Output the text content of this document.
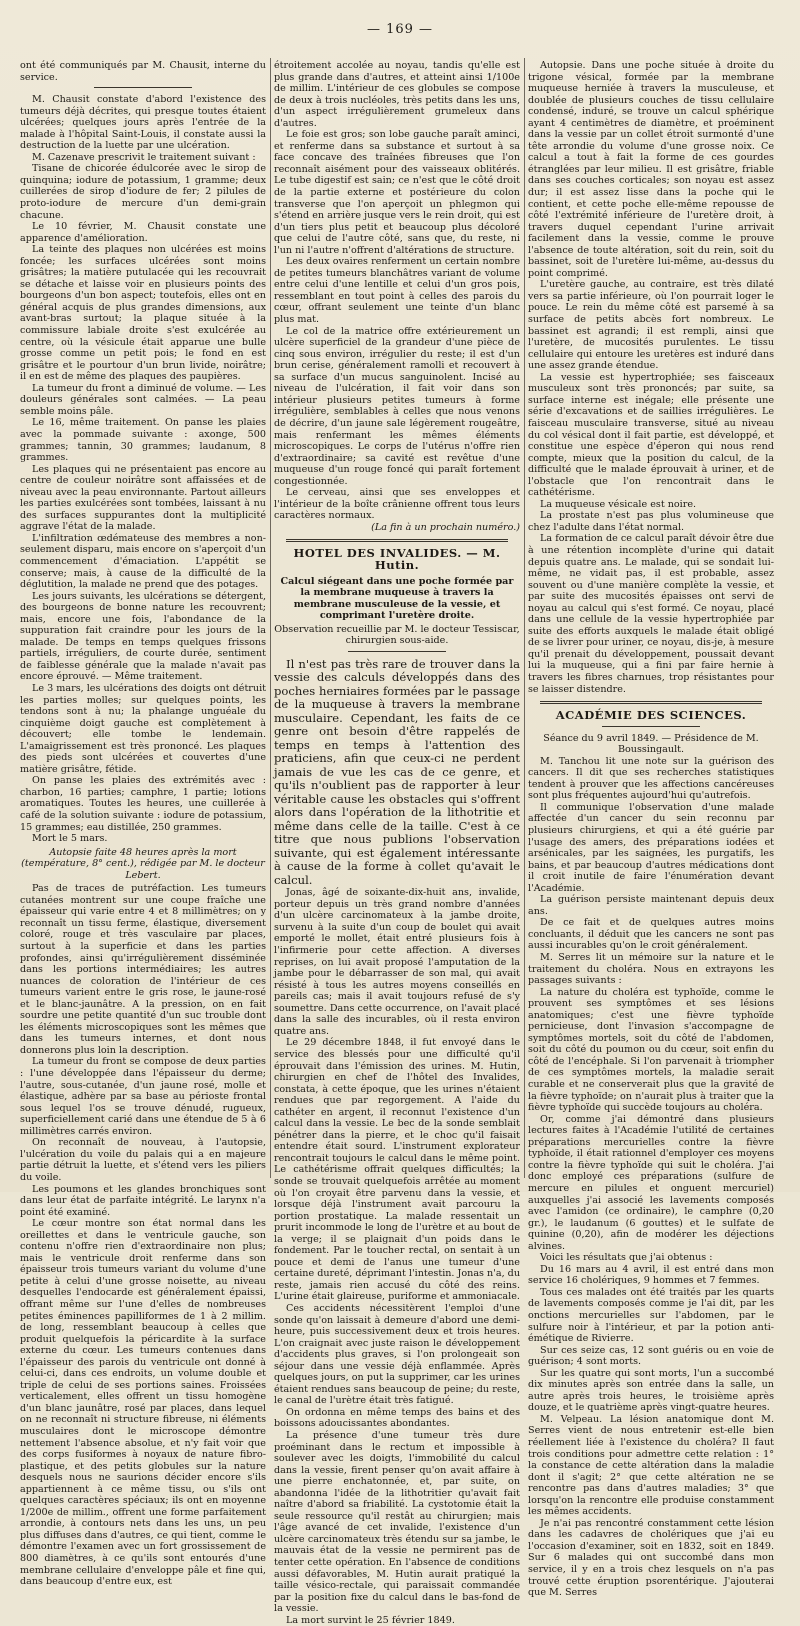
— 169 —

ont été communiqués par M. Chausit, interne du service.

M. Chausit constate d'abord l'existence des tumeurs déjà décrites, qui presque toutes étaient ulcérées; quelques jours après l'entrée de la malade à l'hôpital Saint-Louis, il constate aussi la destruction de la luette par une ulcération.

M. Cazenave prescrivit le traitement suivant :

Tisane de chicorée édulcorée avec le sirop de quinquina; iodure de potassium, 1 gramme; deux cuillerées de sirop d'iodure de fer; 2 pilules de proto-iodure de mercure d'un demi-grain chacune.

Le 10 février, M. Chausit constate une apparence d'amélioration.

La teinte des plaques non ulcérées est moins foncée; les surfaces ulcérées sont moins grisâtres; la matière putulacée qui les recouvrait se détache et laisse voir en plusieurs points des bourgeons d'un bon aspect; toutefois, elles ont en général acquis de plus grandes dimensions, aux avant-bras surtout; la plaque située à la commissure labiale droite s'est exulcérée au centre, où la vésicule était apparue une bulle grosse comme un petit pois; le fond en est grisâtre et le pourtour d'un brun livide, noirâtre; il en est de même des plaques des paupières.

La tumeur du front a diminué de volume. — Les douleurs générales sont calmées. — La peau semble moins pâle.

Le 16, même traitement. On panse les plaies avec la pommade suivante : axonge, 500 grammes; tannin, 30 grammes; laudanum, 8 grammes.

Les plaques qui ne présentaient pas encore au centre de couleur noirâtre sont affaissées et de niveau avec la peau environnante. Partout ailleurs les parties exulcérées sont tombées, laissant à nu des surfaces suppurantes dont la multiplicité aggrave l'état de la malade.

L'infiltration œdémateuse des membres a non-seulement disparu, mais encore on s'aperçoit d'un commencement d'émaciation. L'appétit se conserve; mais, à cause de la difficulté de la déglutition, la malade ne prend que des potages.

Les jours suivants, les ulcérations se détergent, des bourgeons de bonne nature les recouvrent; mais, encore une fois, l'abondance de la suppuration fait craindre pour les jours de la malade. De temps en temps quelques frissons partiels, irréguliers, de courte durée, sentiment de faiblesse générale que la malade n'avait pas encore éprouvé. — Même traitement.

Le 3 mars, les ulcérations des doigts ont détruit les parties molles; sur quelques points, les tendons sont à nu; la phalange unguéale du cinquième doigt gauche est complètement à découvert; elle tombe le lendemain. L'amaigrissement est très prononcé. Les plaques des pieds sont ulcérées et couvertes d'une matière grisâtre, fétide.

On panse les plaies des extrémités avec : charbon, 16 parties; camphre, 1 partie; lotions aromatiques. Toutes les heures, une cuillerée à café de la solution suivante : iodure de potassium, 15 grammes; eau distillée, 250 grammes.

Mort le 5 mars.

Autopsie faite 48 heures après la mort (température, 8° cent.), rédigée par M. le docteur Lebert.

Pas de traces de putréfaction. Les tumeurs cutanées montrent sur une coupe fraîche une épaisseur qui varie entre 4 et 8 millimètres; on y reconnaît un tissu ferme, élastique, diversement coloré, rouge et très vasculaire par places, surtout à la superficie et dans les parties profondes, ainsi qu'irrégulièrement disséminée dans les portions intermédiaires; les autres nuances de coloration de l'intérieur de ces tumeurs varient entre le gris rose, le jaune-rosé et le blanc-jaunâtre. A la pression, on en fait sourdre une petite quantité d'un suc trouble dont les éléments microscopiques sont les mêmes que dans les tumeurs internes, et dont nous donnerons plus loin la description.

La tumeur du front se compose de deux parties : l'une développée dans l'épaisseur du derme; l'autre, sous-cutanée, d'un jaune rosé, molle et élastique, adhère par sa base au périoste frontal sous lequel l'os se trouve dénudé, rugueux, superficiellement carié dans une étendue de 5 à 6 millimètres carrés environ.

On reconnaît de nouveau, à l'autopsie, l'ulcération du voile du palais qui a en majeure partie détruit la luette, et s'étend vers les piliers du voile.

Les poumons et les glandes bronchiques sont dans leur état de parfaite intégrité. Le larynx n'a point été examiné.

Le cœur montre son état normal dans les oreillettes et dans le ventricule gauche, son contenu n'offre rien d'extraordinaire non plus; mais le ventricule droit renferme dans son épaisseur trois tumeurs variant du volume d'une petite à celui d'une grosse noisette, au niveau desquelles l'endocarde est généralement épaissi, offrant même sur l'une d'elles de nombreuses petites éminences papilliformes de 1 à 2 millim. de long, ressemblant beaucoup à celles que produit quelquefois la péricardite à la surface externe du cœur. Les tumeurs contenues dans l'épaisseur des parois du ventricule ont donné à celui-ci, dans ces endroits, un volume double et triple de celui de ses portions saines. Froissées verticalement, elles offrent un tissu homogène d'un blanc jaunâtre, rosé par places, dans lequel on ne reconnaît ni structure fibreuse, ni éléments musculaires dont le microscope démontre nettement l'absence absolue, et n'y fait voir que des corps fusiformes à noyaux de nature fibro-plastique, et des petits globules sur la nature desquels nous ne saurions décider encore s'ils appartiennent à ce même tissu, ou s'ils ont quelques caractères spéciaux; ils ont en moyenne 1/200e de millim., offrent une forme parfaitement arrondie, à contours nets dans les uns, un peu plus diffuses dans d'autres, ce qui tient, comme le démontre l'examen avec un fort grossissement de 800 diamètres, à ce qu'ils sont entourés d'une membrane cellulaire d'enveloppe pâle et fine qui, dans beaucoup d'entre eux, est

étroitement accolée au noyau, tandis qu'elle est plus grande dans d'autres, et atteint ainsi 1/100e de millim. L'intérieur de ces globules se compose de deux à trois nucléoles, très petits dans les uns, d'un aspect irrégulièrement grumeleux dans d'autres.

Le foie est gros; son lobe gauche paraît aminci, et renferme dans sa substance et surtout à sa face concave des traînées fibreuses que l'on reconnaît aisément pour des vaisseaux oblitérés. Le tube digestif est sain; ce n'est que le côté droit de la partie externe et postérieure du colon transverse que l'on aperçoit un phlegmon qui s'étend en arrière jusque vers le rein droit, qui est d'un tiers plus petit et beaucoup plus décoloré que celui de l'autre côté, sans que, du reste, ni l'un ni l'autre n'offrent d'altérations de structure.

Les deux ovaires renferment un certain nombre de petites tumeurs blanchâtres variant de volume entre celui d'une lentille et celui d'un gros pois, ressemblant en tout point à celles des parois du cœur, offrant seulement une teinte d'un blanc plus mat.

Le col de la matrice offre extérieurement un ulcère superficiel de la grandeur d'une pièce de cinq sous environ, irrégulier du reste; il est d'un brun cerise, généralement ramolli et recouvert à sa surface d'un mucus sanguinolent. Incisé au niveau de l'ulcération, il fait voir dans son intérieur plusieurs petites tumeurs à forme irrégulière, semblables à celles que nous venons de décrire, d'un jaune sale légèrement rougeâtre, mais renfermant les mêmes éléments microscopiques. Le corps de l'utérus n'offre rien d'extraordinaire; sa cavité est revêtue d'une muqueuse d'un rouge foncé qui paraît fortement congestionnée.

Le cerveau, ainsi que ses enveloppes et l'intérieur de la boîte crânienne offrent tous leurs caractères normaux.

(La fin à un prochain numéro.)

HOTEL DES INVALIDES. — M. Hutin.

Calcul siégeant dans une poche formée par la membrane muqueuse à travers la membrane musculeuse de la vessie, et comprimant l'uretère droite.

Observation recueillie par M. le docteur Tessiscar, chirurgien sous-aide.

Il n'est pas très rare de trouver dans la vessie des calculs développés dans des poches herniaires formées par le passage de la muqueuse à travers la membrane musculaire. Cependant, les faits de ce genre ont besoin d'être rappelés de temps en temps à l'attention des praticiens, afin que ceux-ci ne perdent jamais de vue les cas de ce genre, et qu'ils n'oublient pas de rapporter à leur véritable cause les obstacles qui s'offrent alors dans l'opération de la lithotritie et même dans celle de la taille. C'est à ce titre que nous publions l'observation suivante, qui est également intéressante à cause de la forme à collet qu'avait le calcul.

Jonas, âgé de soixante-dix-huit ans, invalide, porteur depuis un très grand nombre d'années d'un ulcère carcinomateux à la jambe droite, survenu à la suite d'un coup de boulet qui avait emporté le mollet, était entré plusieurs fois à l'infirmerie pour cette affection. A diverses reprises, on lui avait proposé l'amputation de la jambe pour le débarrasser de son mal, qui avait résisté à tous les autres moyens conseillés en pareils cas; mais il avait toujours refusé de s'y soumettre. Dans cette occurrence, on l'avait placé dans la salle des incurables, où il resta environ quatre ans.

Le 29 décembre 1848, il fut envoyé dans le service des blessés pour une difficulté qu'il éprouvait dans l'émission des urines. M. Hutin, chirurgien en chef de l'hôtel des Invalides, constata, à cette époque, que les urines n'étaient rendues que par regorgement. A l'aide du cathéter en argent, il reconnut l'existence d'un calcul dans la vessie. Le bec de la sonde semblait pénétrer dans la pierre, et le choc qu'il faisait entendre était sourd. L'instrument explorateur rencontrait toujours le calcul dans le même point. Le cathétérisme offrait quelques difficultés; la sonde se trouvait quelquefois arrêtée au moment où l'on croyait être parvenu dans la vessie, et lorsque déjà l'instrument avait parcouru la portion prostatique. La malade ressentait un prurit incommode le long de l'urètre et au bout de la verge; il se plaignait d'un poids dans le fondement. Par le toucher rectal, on sentait à un pouce et demi de l'anus une tumeur d'une certaine dureté, déprimant l'intestin. Jonas n'a, du reste, jamais rien accusé du côté des reins. L'urine était glaireuse, puriforme et ammoniacale.

Ces accidents nécessitèrent l'emploi d'une sonde qu'on laissait à demeure d'abord une demi-heure, puis successivement deux et trois heures. L'on craignait avec juste raison le développement d'accidents plus graves, si l'on prolongeait son séjour dans une vessie déjà enflammée. Après quelques jours, on put la supprimer, car les urines étaient rendues sans beaucoup de peine; du reste, le canal de l'urètre était très fatigué.

On ordonna en même temps des bains et des boissons adoucissantes abondantes.

La présence d'une tumeur très dure proéminant dans le rectum et impossible à soulever avec les doigts, l'immobilité du calcul dans la vessie, firent penser qu'on avait affaire à une pierre enchatonnée, et, par suite, on abandonna l'idée de la lithotritier qu'avait fait naître d'abord sa friabilité. La cystotomie était la seule ressource qu'il restât au chirurgien; mais l'âge avancé de cet invalide, l'existence d'un ulcère carcinomateux très étendu sur sa jambe, le mauvais état de la vessie ne permirent pas de tenter cette opération. En l'absence de conditions aussi défavorables, M. Hutin aurait pratiqué la taille vésico-rectale, qui paraissait commandée par la position fixe du calcul dans le bas-fond de la vessie.

La mort survint le 25 février 1849.

Autopsie. Dans une poche située à droite du trigone vésical, formée par la membrane muqueuse herniée à travers la musculeuse, et doublée de plusieurs couches de tissu cellulaire condensé, induré, se trouve un calcul sphérique ayant 4 centimètres de diamètre, et proéminent dans la vessie par un collet étroit surmonté d'une tête arrondie du volume d'une grosse noix. Ce calcul a tout à fait la forme de ces gourdes étranglées par leur milieu. Il est grisâtre, friable dans ses couches corticales; son noyau est assez dur; il est assez lisse dans la poche qui le contient, et cette poche elle-même repousse de côté l'extrémité inférieure de l'uretère droit, à travers duquel cependant l'urine arrivait facilement dans la vessie, comme le prouve l'absence de toute altération, soit du rein, soit du bassinet, soit de l'uretère lui-même, au-dessus du point comprimé.

L'uretère gauche, au contraire, est très dilaté vers sa partie inférieure, où l'on pourrait loger le pouce. Le rein du même côté est parsemé à sa surface de petits abcès fort nombreux. Le bassinet est agrandi; il est rempli, ainsi que l'uretère, de mucosités purulentes. Le tissu cellulaire qui entoure les uretères est induré dans une assez grande étendue.

La vessie est hypertrophiée; ses faisceaux musculeux sont très prononcés; par suite, sa surface interne est inégale; elle présente une série d'excavations et de saillies irrégulières. Le faisceau musculaire transverse, situé au niveau du col vésical dont il fait partie, est développé, et constitue une espèce d'éperon qui nous rend compte, mieux que la position du calcul, de la difficulté que le malade éprouvait à uriner, et de l'obstacle que l'on rencontrait dans le cathétérisme.

La muqueuse vésicale est noire.

La prostate n'est pas plus volumineuse que chez l'adulte dans l'état normal.

La formation de ce calcul paraît dévoir être due à une rétention incomplète d'urine qui datait depuis quatre ans. Le malade, qui se sondait lui-même, ne vidait pas, il est probable, assez souvent ou d'une manière complète la vessie, et par suite des mucosités épaisses ont servi de noyau au calcul qui s'est formé. Ce noyau, placé dans une cellule de la vessie hypertrophiée par suite des efforts auxquels le malade était obligé de se livrer pour uriner, ce noyau, dis-je, à mesure qu'il prenait du développement, poussait devant lui la muqueuse, qui a fini par faire hernie à travers les fibres charnues, trop résistantes pour se laisser distendre.

ACADÉMIE DES SCIENCES.

Séance du 9 avril 1849. — Présidence de M. Boussingault.

M. Tanchou lit une note sur la guérison des cancers. Il dit que ses recherches statistiques tendent à prouver que les affections cancéreuses sont plus fréquentes aujourd'hui qu'autrefois.

Il communique l'observation d'une malade affectée d'un cancer du sein reconnu par plusieurs chirurgiens, et qui a été guérie par l'usage des amers, des préparations iodées et arsénicales, par les saignées, les purgatifs, les bains, et par beaucoup d'autres médications dont il croit inutile de faire l'énumération devant l'Académie.

La guérison persiste maintenant depuis deux ans.

De ce fait et de quelques autres moins concluants, il déduit que les cancers ne sont pas aussi incurables qu'on le croit généralement.

M. Serres lit un mémoire sur la nature et le traitement du choléra. Nous en extrayons les passages suivants :

La nature du choléra est typhoïde, comme le prouvent ses symptômes et ses lésions anatomiques; c'est une fièvre typhoïde pernicieuse, dont l'invasion s'accompagne de symptômes mortels, soit du côté de l'abdomen, soit du côté du poumon ou du cœur, soit enfin du côté de l'encéphale. Si l'on parvenait à triompher de ces symptômes mortels, la maladie serait curable et ne conserverait plus que la gravité de la fièvre typhoïde; on n'aurait plus à traiter que la fièvre typhoïde qui succède toujours au choléra.

Or, comme j'ai démontré dans plusieurs lectures faites à l'Académie l'utilité de certaines préparations mercurielles contre la fièvre typhoïde, il était rationnel d'employer ces moyens contre la fièvre typhoïde qui suit le choléra. J'ai donc employé ces préparations (sulfure de mercure en pilules et onguent mercuriel) auxquelles j'ai associé les lavements composés avec l'amidon (ce ordinaire), le camphre (0,20 gr.), le laudanum (6 gouttes) et le sulfate de quinine (0,20), afin de modérer les déjections alvines.

Voici les résultats que j'ai obtenus :

Du 16 mars au 4 avril, il est entré dans mon service 16 cholériques, 9 hommes et 7 femmes.

Tous ces malades ont été traités par les quarts de lavements composés comme je l'ai dit, par les onctions mercurielles sur l'abdomen, par le sulfure noir à l'intérieur, et par la potion anti-émétique de Rivierre.

Sur ces seize cas, 12 sont guéris ou en voie de guérison; 4 sont morts.

Sur les quatre qui sont morts, l'un a succombé dix minutes après son entrée dans la salle, un autre après trois heures, le troisième après douze, et le quatrième après vingt-quatre heures.

M. Velpeau. La lésion anatomique dont M. Serres vient de nous entretenir est-elle bien réellement liée à l'existence du choléra? Il faut trois conditions pour admettre cette relation : 1° la constance de cette altération dans la maladie dont il s'agit; 2° que cette altération ne se rencontre pas dans d'autres maladies; 3° que lorsqu'on la rencontre elle produise constamment les mêmes accidents.

Je n'ai pas rencontré constamment cette lésion dans les cadavres de cholériques que j'ai eu l'occasion d'examiner, soit en 1832, soit en 1849. Sur 6 malades qui ont succombé dans mon service, il y en a trois chez lesquels on n'a pas trouvé cette éruption psorentérique. J'ajouterai que M. Serres
